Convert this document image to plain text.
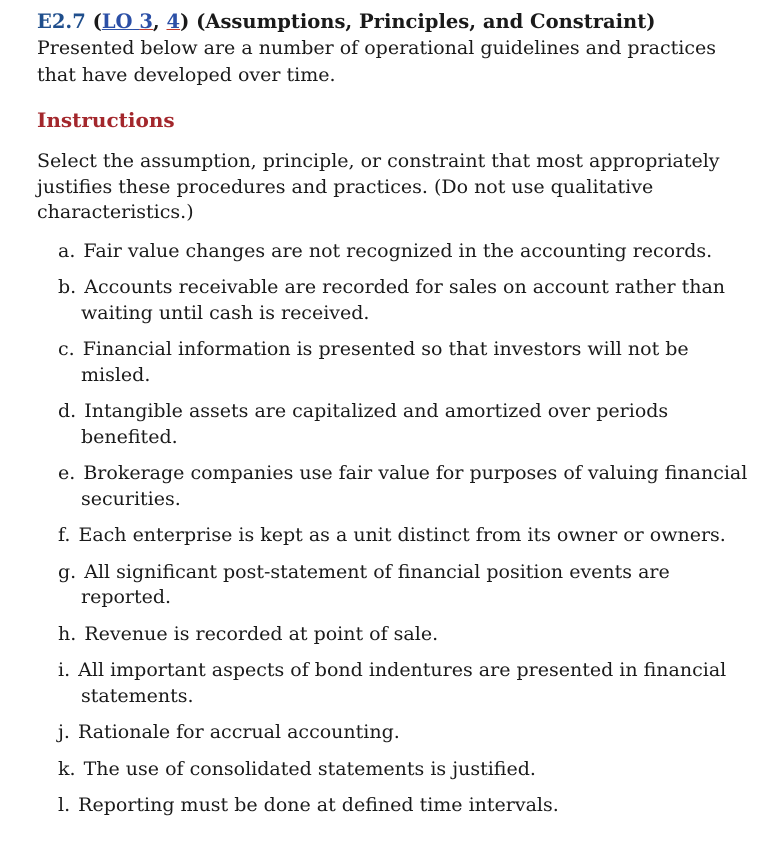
E2.7 (LO 3, 4) (Assumptions, Principles, and Constraint)

Presented below are a number of operational guidelines and practices that have developed over time.

Instructions

Select the assumption, principle, or constraint that most appropriately justifies these procedures and practices. (Do not use qualitative characteristics.)

a. Fair value changes are not recognized in the accounting records.
b. Accounts receivable are recorded for sales on account rather than waiting until cash is received.
c. Financial information is presented so that investors will not be misled.
d. Intangible assets are capitalized and amortized over periods benefited.
e. Brokerage companies use fair value for purposes of valuing financial securities.
f. Each enterprise is kept as a unit distinct from its owner or owners.
g. All significant post-statement of financial position events are reported.
h. Revenue is recorded at point of sale.
i. All important aspects of bond indentures are presented in financial statements.
j. Rationale for accrual accounting.
k. The use of consolidated statements is justified.
l. Reporting must be done at defined time intervals.
